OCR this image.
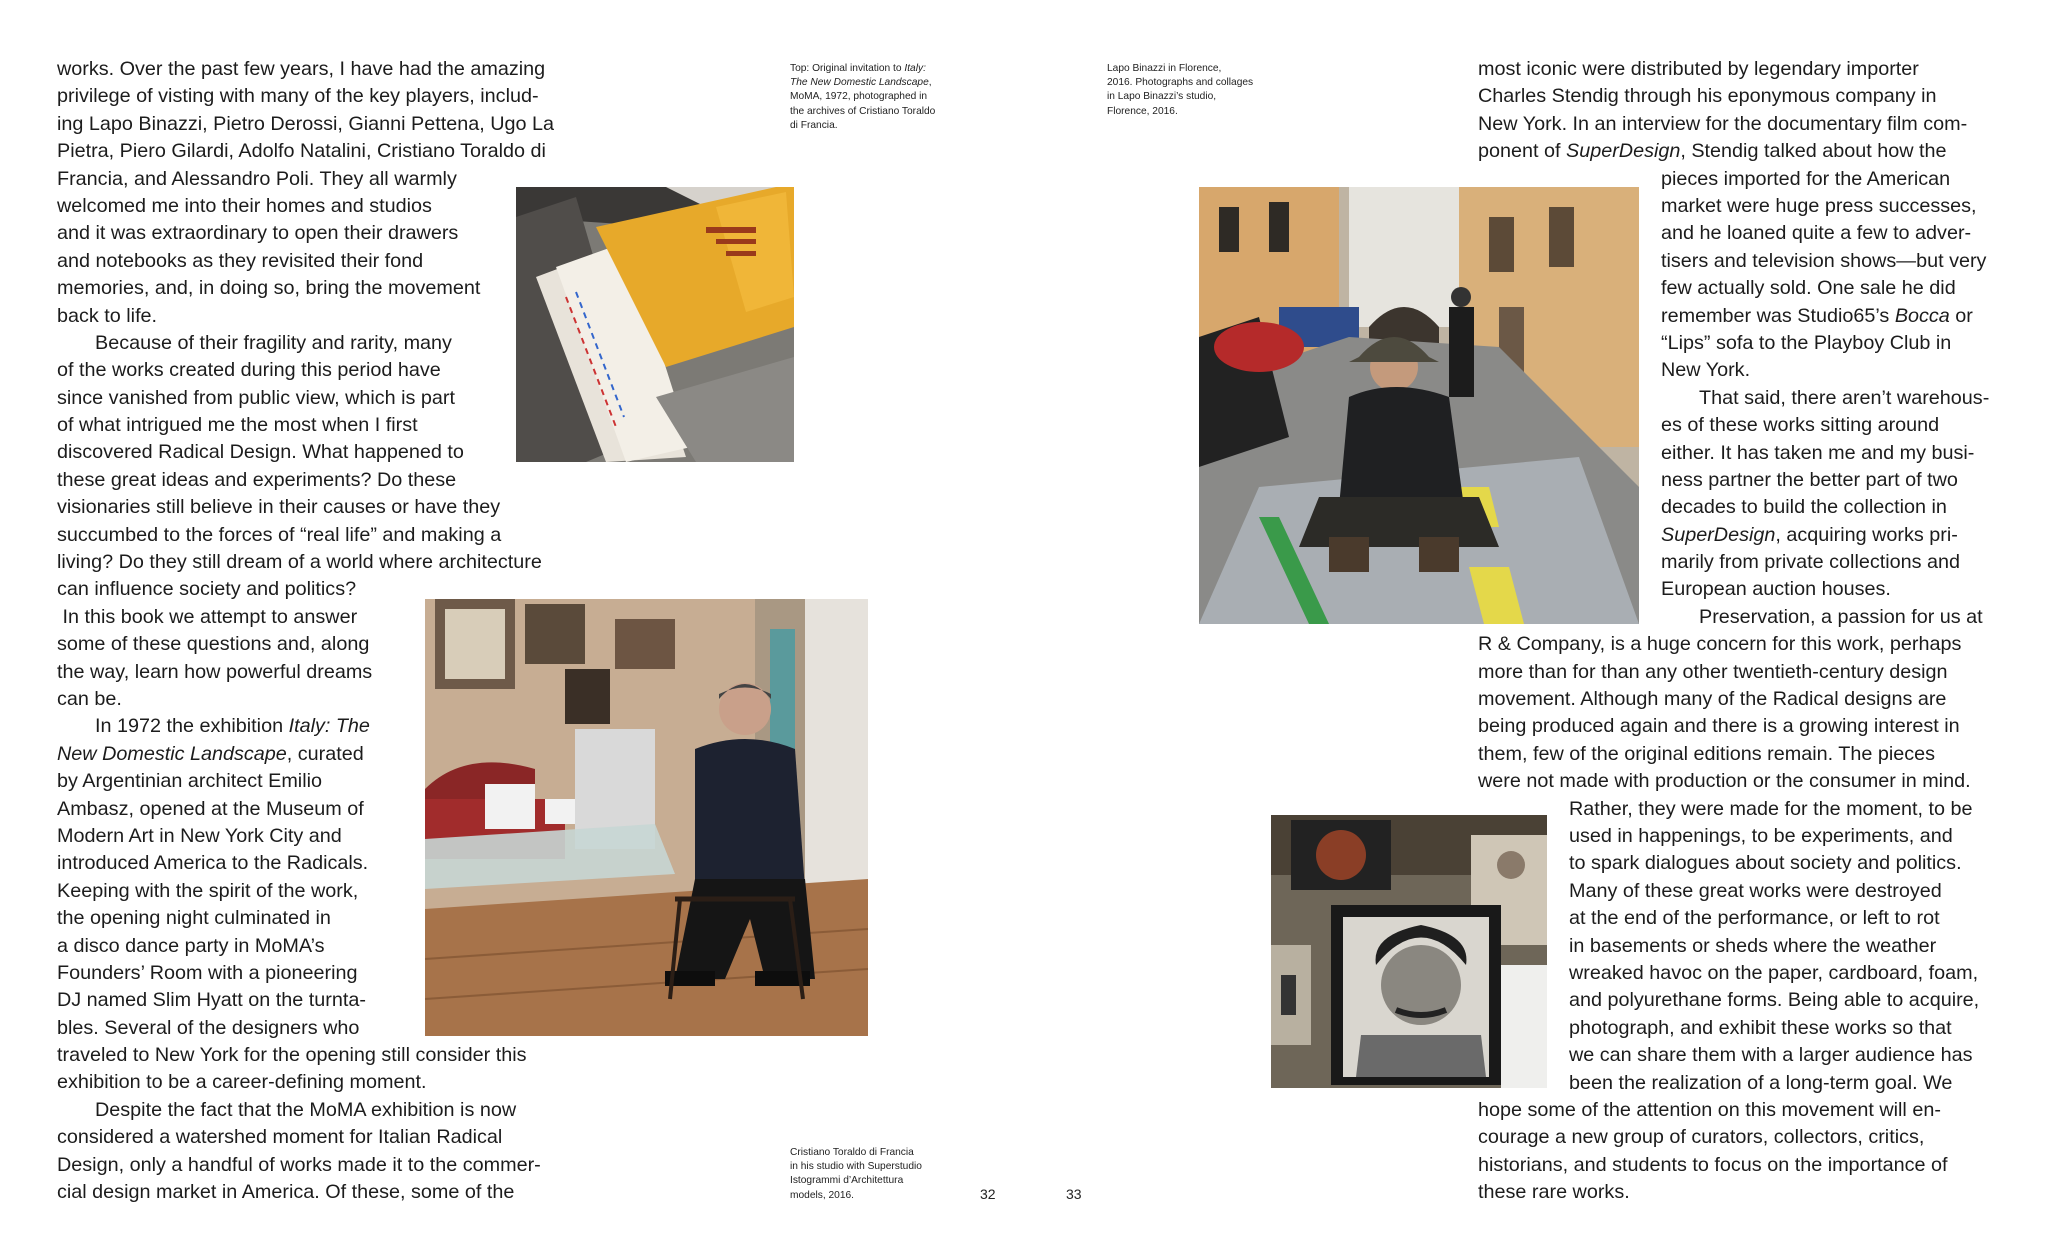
works. Over the past few years, I have had the amazing
privilege of visting with many of the key players, includ-
ing Lapo Binazzi, Pietro Derossi, Gianni Pettena, Ugo La
Pietra, Piero Gilardi, Adolfo Natalini, Cristiano Toraldo di
Francia, and Alessandro Poli. They all warmly
welcomed me into their homes and studios
and it was extraordinary to open their drawers
and notebooks as they revisited their fond
memories, and, in doing so, bring the movement
back to life.
Because of their fragility and rarity, many
of the works created during this period have
since vanished from public view, which is part
of what intrigued me the most when I first
discovered Radical Design. What happened to
these great ideas and experiments? Do these
visionaries still believe in their causes or have they
succumbed to the forces of “real life” and making a
living? Do they still dream of a world where architecture
can influence society and politics?
In this book we attempt to answer
some of these questions and, along
the way, learn how powerful dreams
can be.
In 1972 the exhibition Italy: The
New Domestic Landscape, curated
by Argentinian architect Emilio
Ambasz, opened at the Museum of
Modern Art in New York City and
introduced America to the Radicals.
Keeping with the spirit of the work,
the opening night culminated in
a disco dance party in MoMA’s
Founders’ Room with a pioneering
DJ named Slim Hyatt on the turnta-
bles. Several of the designers who
traveled to New York for the opening still consider this
exhibition to be a career-defining moment.
Despite the fact that the MoMA exhibition is now
considered a watershed moment for Italian Radical
Design, only a handful of works made it to the commer-
cial design market in America. Of these, some of the
Top: Original invitation to Italy:
The New Domestic Landscape,
MoMA, 1972, photographed in
the archives of Cristiano Toraldo
di Francia.
Cristiano Toraldo di Francia
in his studio with Superstudio
Istogrammi d’Architettura
models, 2016.	32	33
Lapo Binazzi in Florence,
2016. Photographs and collages
in Lapo Binazzi’s studio,
Florence, 2016.
most iconic were distributed by legendary importer
Charles Stendig through his eponymous company in
New York. In an interview for the documentary film com-
ponent of SuperDesign, Stendig talked about how the
pieces imported for the American
market were huge press successes,
and he loaned quite a few to adver-
tisers and television shows—but very
few actually sold. One sale he did
remember was Studio65’s Bocca or
“Lips” sofa to the Playboy Club in
New York.
That said, there aren’t warehous-
es of these works sitting around
either. It has taken me and my busi-
ness partner the better part of two
decades to build the collection in
SuperDesign, acquiring works pri-
marily from private collections and
European auction houses.
Preservation, a passion for us at
R & Company, is a huge concern for this work, perhaps
more than for than any other twentieth-century design
movement. Although many of the Radical designs are
being produced again and there is a growing interest in
them, few of the original editions remain. The pieces
were not made with production or the consumer in mind.
Rather, they were made for the moment, to be
used in happenings, to be experiments, and
to spark dialogues about society and politics.
Many of these great works were destroyed
at the end of the performance, or left to rot
in basements or sheds where the weather
wreaked havoc on the paper, cardboard, foam,
and polyurethane forms. Being able to acquire,
photograph, and exhibit these works so that
we can share them with a larger audience has
been the realization of a long-term goal. We
hope some of the attention on this movement will en-
courage a new group of curators, collectors, critics,
historians, and students to focus on the importance of
these rare works.
